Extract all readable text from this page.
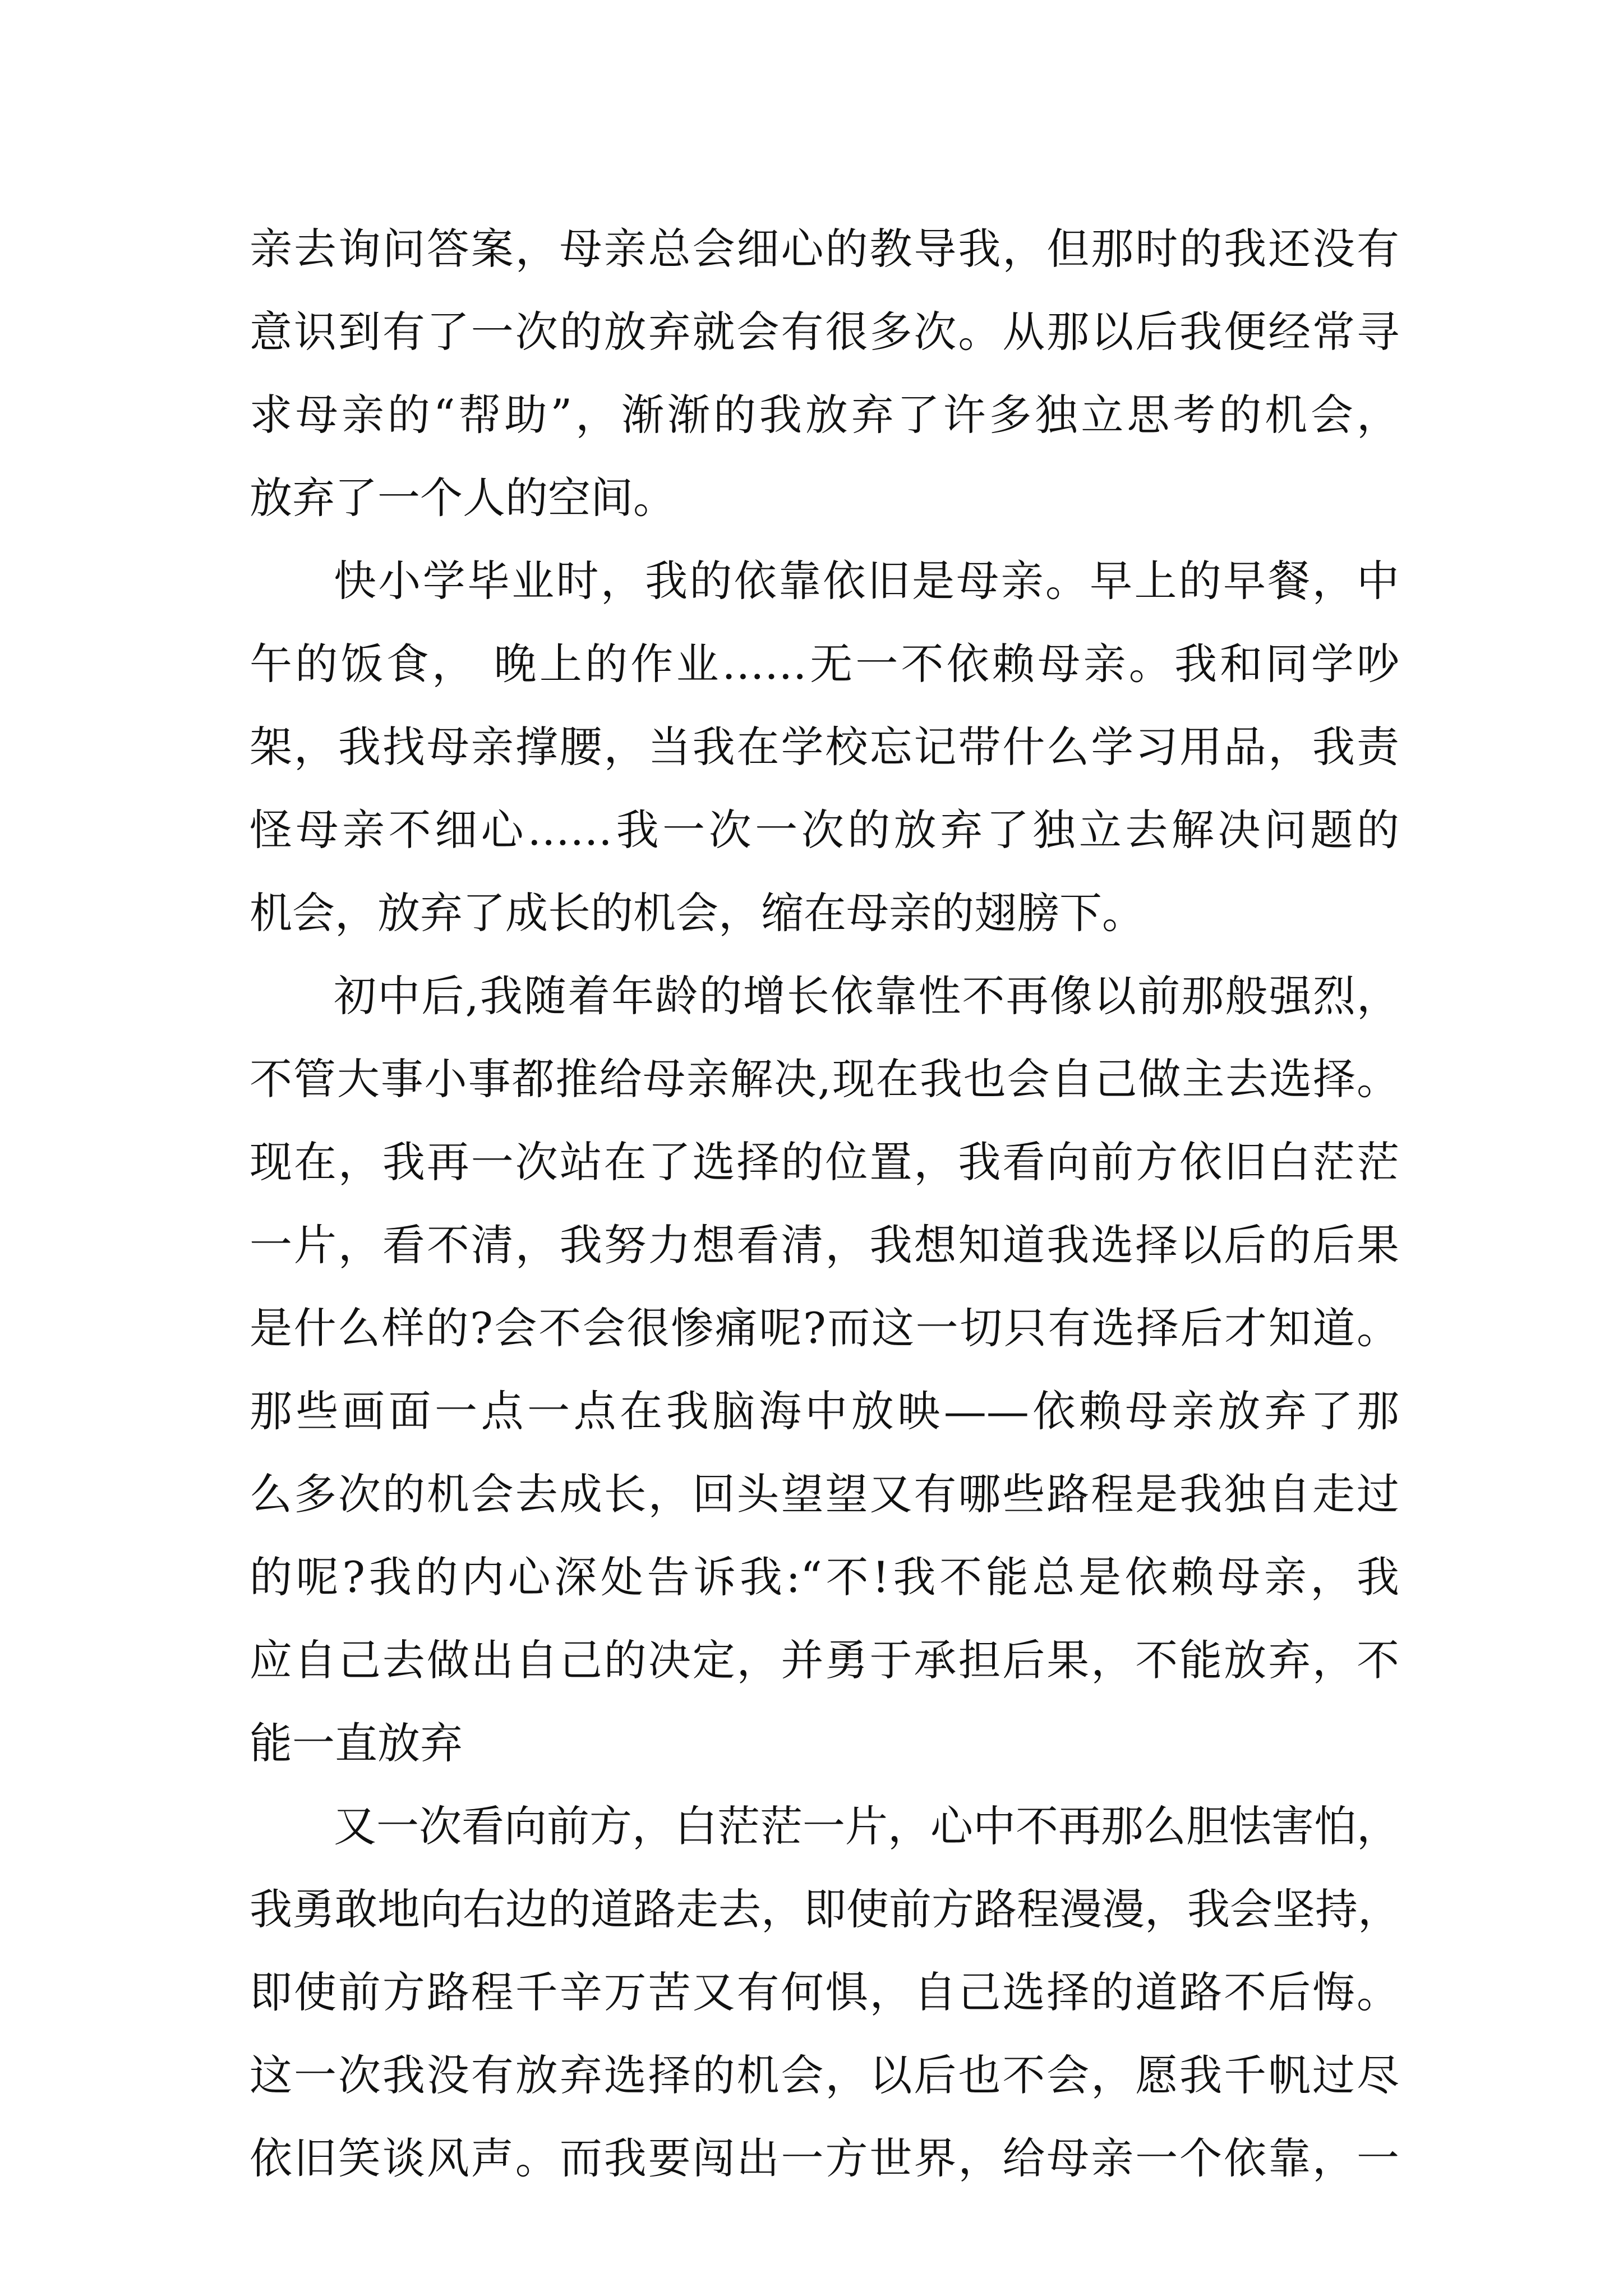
亲去询问答案，母亲总会细心的教导我，但那时的我还没有
意识到有了一次的放弃就会有很多次。从那以后我便经常寻
求母亲的“帮助”，渐渐的我放弃了许多独立思考的机会，
放弃了一个人的空间。
快小学毕业时，我的依靠依旧是母亲。早上的早餐，中
午的饭食， 晚上的作业……无一不依赖母亲。我和同学吵
架，我找母亲撑腰，当我在学校忘记带什么学习用品，我责
怪母亲不细心……我一次一次的放弃了独立去解决问题的
机会，放弃了成长的机会，缩在母亲的翅膀下。
初中后,我随着年龄的增长依靠性不再像以前那般强烈，
不管大事小事都推给母亲解决,现在我也会自己做主去选择。
现在，我再一次站在了选择的位置，我看向前方依旧白茫茫
一片，看不清，我努力想看清，我想知道我选择以后的后果
是什么样的?会不会很惨痛呢?而这一切只有选择后才知道。
那些画面一点一点在我脑海中放映——依赖母亲放弃了那
么多次的机会去成长，回头望望又有哪些路程是我独自走过
的呢?我的内心深处告诉我:“不!我不能总是依赖母亲，我
应自己去做出自己的决定，并勇于承担后果，不能放弃，不
能一直放弃
又一次看向前方，白茫茫一片，心中不再那么胆怯害怕，
我勇敢地向右边的道路走去，即使前方路程漫漫，我会坚持，
即使前方路程千辛万苦又有何惧，自己选择的道路不后悔。
这一次我没有放弃选择的机会，以后也不会，愿我千帆过尽
依旧笑谈风声。而我要闯出一方世界，给母亲一个依靠，一
